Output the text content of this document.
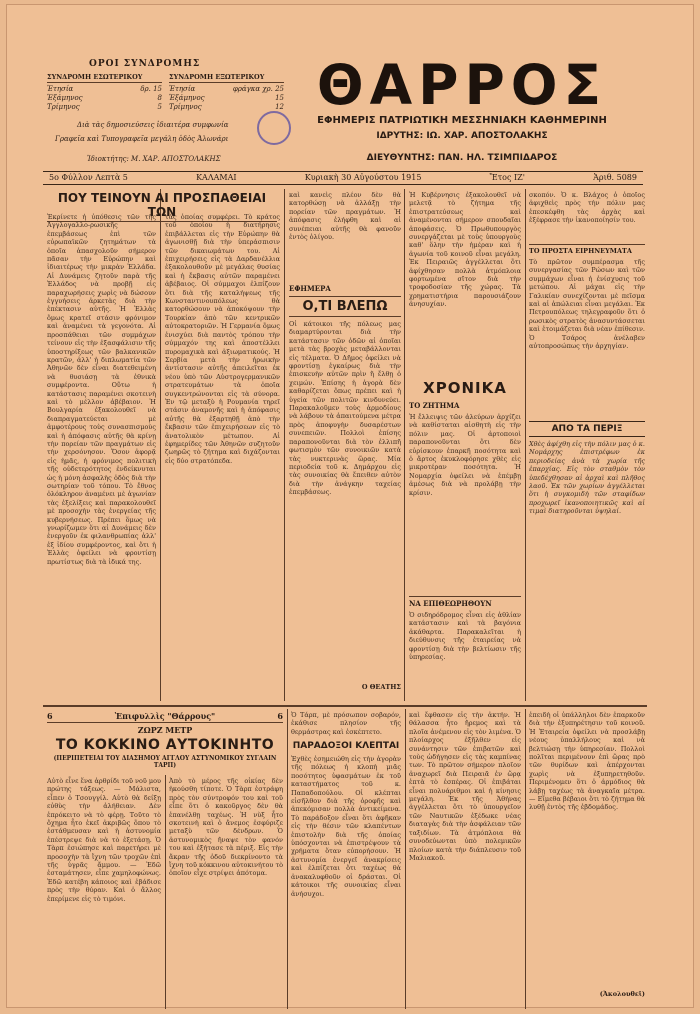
ΟΡΟΙ ΣΥΝΔΡΟΜΗΣ
ΣΥΝΔΡΟΜΗ ΕΣΩΤΕΡΙΚΟΥ
Ἐτησία	δρ. 15
Ἑξάμηνος	8
Τρίμηνος	5
ΣΥΝΔΡΟΜΗ ΕΞΩΤΕΡΙΚΟΥ
Ἐτησία	φράγκα χρ. 25
Ἑξάμηνος	15
Τρίμηνος	12
Διὰ τὰς δημοσιεύσεις ἰδιαιτέρα συμφωνία
Γραφεῖα καὶ Τυπογραφεῖα μεγάλη ὁδὸς Ἀλωνάρι
Ἰδιοκτήτης: Μ. ΧΑΡ. ΑΠΟΣΤΟΛΑΚΗΣ
ΘΑΡΡΟΣ
ΕΦΗΜΕΡΙΣ ΠΑΤΡΙΩΤΙΚΗ ΜΕΣΣΗΝΙΑΚΗ ΚΑΘΗΜΕΡΙΝΗ
ΙΔΡΥΤΗΣ: ΙΩ. ΧΑΡ. ΑΠΟΣΤΟΛΑΚΗΣ
ΔΙΕΥΘΥΝΤΗΣ: ΠΑΝ. ΗΛ. ΤΣΙΜΠΙΔΑΡΟΣ
5ο Φύλλον Λεπτὰ 5	ΚΑΛΑΜΑΙ	Κυριακὴ 30 Αὐγούστου 1915	Ἔτος ΙΖ'	Ἀριθ. 5089
ΠΟΥ ΤΕΙΝΟΥΝ ΑΙ ΠΡΟΣΠΑΘΕΙΑΙ ΤΩΝ
Ἐκρίνετε ἡ ὑπόθεσις τῶν τῆς Ἀγγλογαλλο-ρωσικῆς ἐπεμβάσεως ἐπὶ τῶν εὐρωπαϊκῶν ζητημάτων τὰ ὁποῖα ἀπασχολοῦν σήμερον πᾶσαν τὴν Εὐρώπην καὶ ἰδιαιτέρως τὴν μικρὰν Ἑλλάδα. Αἱ Δυνάμεις ζητοῦν παρὰ τῆς Ἑλλάδος νὰ προβῇ εἰς παραχωρήσεις χωρὶς νὰ δώσουν ἐγγυήσεις ἀρκετὰς διὰ τὴν ἐπέκτασιν αὐτῆς. Ἡ Ἑλλὰς ὅμως κρατεῖ στάσιν φρόνιμον καὶ ἀναμένει τὰ γεγονότα. Αἱ προσπάθειαι τῶν συμμάχων τείνουν εἰς τὴν ἐξασφάλισιν τῆς ὑποστηρίξεως τῶν βαλκανικῶν κρατῶν, ἀλλ' ἡ διπλωματία τῶν Ἀθηνῶν δὲν εἶναι διατεθειμένη νὰ θυσιάσῃ τὰ ἐθνικὰ συμφέροντα. Οὕτω ἡ κατάστασις παραμένει σκοτεινὴ καὶ τὸ μέλλον ἀβέβαιον. Ἡ Βουλγαρία ἐξακολουθεῖ νὰ διαπραγματεύεται μὲ ἀμφοτέρους τοὺς συνασπισμοὺς καὶ ἡ ἀπόφασις αὐτῆς θὰ κρίνῃ τὴν πορείαν τῶν πραγμάτων εἰς τὴν χερσόνησον. Ὅσον ἀφορᾷ εἰς ἡμᾶς, ἡ φρόνιμος πολιτικὴ τῆς οὐδετερότητος ἐνδείκνυται ὡς ἡ μόνη ἀσφαλὴς ὁδὸς διὰ τὴν σωτηρίαν τοῦ τόπου. Τὸ ἔθνος ὁλόκληρον ἀναμένει μὲ ἀγωνίαν τὰς ἐξελίξεις καὶ παρακολουθεῖ μὲ προσοχὴν τὰς ἐνεργείας τῆς κυβερνήσεως. Πρέπει ὅμως νὰ γνωρίζωμεν ὅτι αἱ Δυνάμεις δὲν ἐνεργοῦν ἐκ φιλανθρωπίας ἀλλ' ἐξ ἰδίου συμφέροντος, καὶ ὅτι ἡ Ἑλλὰς ὀφείλει νὰ φροντίσῃ πρωτίστως διὰ τὰ ἰδικά της.
τὰς ὁποίας συμφέρει. Τὸ κράτος τοῦ ὁποίου ἡ διατήρησις ἐπιβάλλεται εἰς τὴν Εὐρώπην θὰ ἀγωνισθῇ διὰ τὴν ὑπεράσπισιν τῶν δικαιωμάτων του. Αἱ ἐπιχειρήσεις εἰς τὰ Δαρδανέλλια ἐξακολουθοῦν μὲ μεγάλας θυσίας καὶ ἡ ἔκβασις αὐτῶν παραμένει ἀβέβαιος. Οἱ σύμμαχοι ἐλπίζουν ὅτι διὰ τῆς καταλήψεως τῆς Κωνσταντινουπόλεως θὰ κατορθώσουν νὰ ἀποκόψουν τὴν Τουρκίαν ἀπὸ τῶν κεντρικῶν αὐτοκρατοριῶν. Ἡ Γερμανία ὅμως ἐνισχύει διὰ παντὸς τρόπου τὴν σύμμαχόν της καὶ ἀποστέλλει πυρομαχικὰ καὶ ἀξιωματικούς. Ἡ Σερβία μετὰ τὴν ἡρωικὴν ἀντίστασιν αὐτῆς ἀπειλεῖται ἐκ νέου ὑπὸ τῶν Αὐστρογερμανικῶν στρατευμάτων τὰ ὁποῖα συγκεντρώνονται εἰς τὰ σύνορα. Ἐν τῷ μεταξὺ ἡ Ρουμανία τηρεῖ στάσιν ἀναμονῆς καὶ ἡ ἀπόφασις αὐτῆς θὰ ἐξαρτηθῇ ἀπὸ τὴν ἔκβασιν τῶν ἐπιχειρήσεων εἰς τὸ ἀνατολικὸν μέτωπον. Αἱ ἐφημερίδες τῶν Ἀθηνῶν συζητοῦν ζωηρῶς τὸ ζήτημα καὶ διχάζονται εἰς δύο στρατόπεδα.
καὶ κανεὶς πλέον δὲν θὰ κατορθώσῃ νὰ ἀλλάξῃ τὴν πορείαν τῶν πραγμάτων. Ἡ ἀπόφασις ἐλήφθη καὶ αἱ συνέπειαι αὐτῆς θὰ φανοῦν ἐντὸς ὀλίγου.
ΕΦΗΜΕΡΑ
Ο,ΤΙ ΒΛΕΠΩ
Οἱ κάτοικοι τῆς πόλεως μας διαμαρτύρονται διὰ τὴν κατάστασιν τῶν ὁδῶν αἱ ὁποῖαι μετὰ τὰς βροχὰς μεταβάλλονται εἰς τέλματα. Ὁ Δῆμος ὀφείλει νὰ φροντίσῃ ἐγκαίρως διὰ τὴν ἐπισκευὴν αὐτῶν πρὶν ἢ ἔλθῃ ὁ χειμών. Ἐπίσης ἡ ἀγορὰ δὲν καθαρίζεται ὅπως πρέπει καὶ ἡ ὑγεία τῶν πολιτῶν κινδυνεύει. Παρακαλοῦμεν τοὺς ἁρμοδίους νὰ λάβουν τὰ ἀπαιτούμενα μέτρα πρὸς ἀποφυγὴν δυσαρέστων συνεπειῶν. Πολλοὶ ἐπίσης παραπονοῦνται διὰ τὸν ἐλλιπῆ φωτισμὸν τῶν συνοικιῶν κατὰ τὰς νυκτερινὰς ὥρας. Μία περιοδεία τοῦ κ. Δημάρχου εἰς τὰς συνοικίας θὰ ἔπειθεν αὐτὸν διὰ τὴν ἀνάγκην ταχείας ἐπεμβάσεως.
Ο ΘΕΑΤΗΣ
Ἡ Κυβέρνησις ἐξακολουθεῖ νὰ μελετᾷ τὸ ζήτημα τῆς ἐπιστρατεύσεως καὶ ἀναμένονται σήμερον σπουδαῖαι ἀποφάσεις. Ὁ Πρωθυπουργὸς συνεργάζεται μὲ τοὺς ὑπουργοὺς καθ' ὅλην τὴν ἡμέραν καὶ ἡ ἀγωνία τοῦ κοινοῦ εἶναι μεγάλη. Ἐκ Πειραιῶς ἀγγέλλεται ὅτι ἀφίχθησαν πολλὰ ἀτμόπλοια φορτωμένα σῖτον διὰ τὴν τροφοδοσίαν τῆς χώρας. Τὰ χρηματιστήρια παρουσιάζουν ἀνησυχίαν.
ΧΡΟΝΙΚΑ
ΤΟ ΖΗΤΗΜΑ
Ἡ ἔλλειψις τῶν ἀλεύρων ἀρχίζει νὰ καθίσταται αἰσθητὴ εἰς τὴν πόλιν μας. Οἱ ἀρτοποιοὶ παραπονοῦνται ὅτι δὲν εὑρίσκουν ἐπαρκῆ ποσότητα καὶ ὁ ἄρτος ἐκυκλοφόρησε χθὲς εἰς μικροτέραν ποσότητα. Ἡ Νομαρχία ὀφείλει νὰ ἐπέμβῃ ἀμέσως διὰ νὰ προλάβῃ τὴν κρίσιν.
ΝΑ ΕΠΙΘΕΩΡΗΘΟΥΝ
Ὁ σιδηρόδρομος εἶναι εἰς ἀθλίαν κατάστασιν καὶ τὰ βαγόνια ἀκάθαρτα. Παρακαλεῖται ἡ διεύθυνσις τῆς ἑταιρείας νὰ φροντίσῃ διὰ τὴν βελτίωσιν τῆς ὑπηρεσίας.
σκοπόν. Ὁ κ. Βλάχος ὁ ὁποῖος ἀφιχθεὶς πρὸς τὴν πόλιν μας ἐπεσκέφθη τὰς ἀρχὰς καὶ ἐξέφρασε τὴν ἱκανοποίησίν του.
ΤΟ ΠΡΟΣΤΑ ΕΙΡΗΝΕΥΜΑΤΑ
Τὸ πρῶτον συμπέρασμα τῆς συνεργασίας τῶν Ρώσων καὶ τῶν συμμάχων εἶναι ἡ ἐνίσχυσις τοῦ μετώπου. Αἱ μάχαι εἰς τὴν Γαλικίαν συνεχίζονται μὲ πεῖσμα καὶ αἱ ἀπώλειαι εἶναι μεγάλαι. Ἐκ Πετρουπόλεως τηλεγραφοῦν ὅτι ὁ ρωσικὸς στρατὸς ἀνασυντάσσεται καὶ ἑτοιμάζεται διὰ νέαν ἐπίθεσιν. Ὁ Τσάρος ἀνέλαβεν αὐτοπροσώπως τὴν ἀρχηγίαν.
ΑΠΟ ΤΑ ΠΕΡΙΞ
Χθὲς ἀφίχθη εἰς τὴν πόλιν μας ὁ κ. Νομάρχης ἐπιστρέφων ἐκ περιοδείας ἀνὰ τὰ χωρία τῆς ἐπαρχίας. Εἰς τὸν σταθμὸν τὸν ὑπεδέχθησαν αἱ ἀρχαὶ καὶ πλῆθος λαοῦ. Ἐκ τῶν χωρίων ἀγγέλλεται ὅτι ἡ συγκομιδὴ τῶν σταφίδων προχωρεῖ ἱκανοποιητικῶς καὶ αἱ τιμαὶ διατηροῦνται ὑψηλαί.
6	Ἐπιφυλλὶς "Θάρρους"	6
ΖΩΡΖ ΜΕΤΡ
ΤΟ ΚΟΚΚΙΝΟ ΑΥΤΟΚΙΝΗΤΟ
(ΠΕΡΙΠΕΤΕΙΑΙ ΤΟΥ ΔΙΑΣΗΜΟΥ ΑΓΓΛΟΥ ΑΣΤΥΝΟΜΙΚΟΥ ΣΥΓΛΑΙΝ ΤΑΡΠ)
Αὐτὸ εἶνε ἕνα ἀρθρίδι τοῦ νοῦ μου πρώτης τάξεως. — Μάλιστα, εἶπεν ὁ Τσουγγίλ. Αὐτὸ θὰ δείξῃ εὐθὺς τὴν ἀλήθειαν. Δὲν ἐπρόκειτο νὰ τὸ φέρῃ. Τοῦτο τὸ ὄχημα ἦτο ἐκεῖ ἀκριβῶς ὅπου τὸ ἐστάθμευσαν καὶ ἡ ἀστυνομία ἐπέστρεψε διὰ νὰ τὸ ἐξετάσῃ. Ὁ Τὰρπ ἐσιώπησε καὶ παρετήρει μὲ προσοχὴν τὰ ἴχνη τῶν τροχῶν ἐπὶ τῆς ὑγρᾶς ἄμμου. — Ἐδῶ ἐσταμάτησεν, εἶπε χαμηλοφώνως. Ἐδῶ κατέβη κάποιος καὶ ἐβάδισε πρὸς τὴν θύραν. Καὶ ὁ ἄλλος ἐπερίμενε εἰς τὸ τιμόνι.
Ἀπὸ τὸ μέρος τῆς οἰκίας δὲν ἠκούσθη τίποτε. Ὁ Τὰρπ ἐστράφη πρὸς τὸν σύντροφόν του καὶ τοῦ εἶπε ὅτι ὁ κακοῦργος δὲν θὰ ἐπανέλθῃ ταχέως. Ἡ νὺξ ἦτο σκοτεινὴ καὶ ὁ ἄνεμος ἐσφύριζε μεταξὺ τῶν δένδρων. Ὁ ἀστυνομικὸς ἤναψε τὸν φανόν του καὶ ἐξήτασε τὰ πέριξ. Εἰς τὴν ἄκραν τῆς ὁδοῦ διεκρίνοντο τὰ ἴχνη τοῦ κόκκινου αὐτοκινήτου τὸ ὁποῖον εἶχε στρίψει ἀπότομα.
Ὁ Τάρπ, μὲ πρόσωπον σοβαρόν, ἐκάθισε πλησίον τῆς θερμάστρας καὶ ἐσκέπτετο.
ΠΑΡΑΔΟΞΟΙ ΚΛΕΠΤΑΙ
Ἐχθὲς ἐσημειώθη εἰς τὴν ἀγορὰν τῆς πόλεως ἡ κλοπὴ μιᾶς ποσότητος ὑφασμάτων ἐκ τοῦ καταστήματος τοῦ κ. Παπαδοπούλου. Οἱ κλέπται εἰσῆλθον διὰ τῆς ὀροφῆς καὶ ἀπεκόμισαν πολλὰ ἀντικείμενα. Τὸ παράδοξον εἶναι ὅτι ἀφῆκαν εἰς τὴν θέσιν τῶν κλαπέντων ἐπιστολὴν διὰ τῆς ὁποίας ὑπόσχονται νὰ ἐπιστρέψουν τὰ χρήματα ὅταν εὐπορήσουν. Ἡ ἀστυνομία ἐνεργεῖ ἀνακρίσεις καὶ ἐλπίζεται ὅτι ταχέως θὰ ἀνακαλυφθοῦν οἱ δράσται. Οἱ κάτοικοι τῆς συνοικίας εἶναι ἀνήσυχοι.
καὶ ἔφθασεν εἰς τὴν ἀκτήν. Ἡ θάλασσα ἦτο ἤρεμος καὶ τὰ πλοῖα ἀνέμενον εἰς τὸν λιμένα. Ὁ πλοίαρχος ἐξῆλθεν εἰς συνάντησιν τῶν ἐπιβατῶν καὶ τοὺς ὡδήγησεν εἰς τὰς καμπίνας των. Τὸ πρῶτον σήμερον πλοῖον ἀναχωρεῖ διὰ Πειραιᾶ ἐν ὥρᾳ ἑπτὰ τὸ ἑσπέρας. Οἱ ἐπιβάται εἶναι πολυάριθμοι καὶ ἡ κίνησις μεγάλη. Ἐκ τῆς Ἀθήνας ἀγγέλλεται ὅτι τὸ ὑπουργεῖον τῶν Ναυτικῶν ἐξέδωκε νέας διαταγὰς διὰ τὴν ἀσφάλειαν τῶν ταξιδίων. Τὰ ἀτμόπλοια θὰ συνοδεύωνται ὑπὸ πολεμικῶν πλοίων κατὰ τὴν διάπλευσιν τοῦ Μαλιακοῦ.
ἐπειδὴ οἱ ὑπάλληλοι δὲν ἐπαρκοῦν διὰ τὴν ἐξυπηρέτησιν τοῦ κοινοῦ. Ἡ Ἑταιρεία ὀφείλει νὰ προσλάβῃ νέους ὑπαλλήλους καὶ νὰ βελτιώσῃ τὴν ὑπηρεσίαν. Πολλοὶ πολῖται περιμένουν ἐπὶ ὥρας πρὸ τῶν θυρίδων καὶ ἀπέρχονται χωρὶς νὰ ἐξυπηρετηθοῦν. Περιμένομεν ὅτι ὁ ἁρμόδιος θὰ λάβῃ ταχέως τὰ ἀναγκαῖα μέτρα. — Εἴμεθα βέβαιοι ὅτι τὸ ζήτημα θὰ λυθῇ ἐντὸς τῆς ἑβδομάδος.
(Ἀκολουθεῖ)
